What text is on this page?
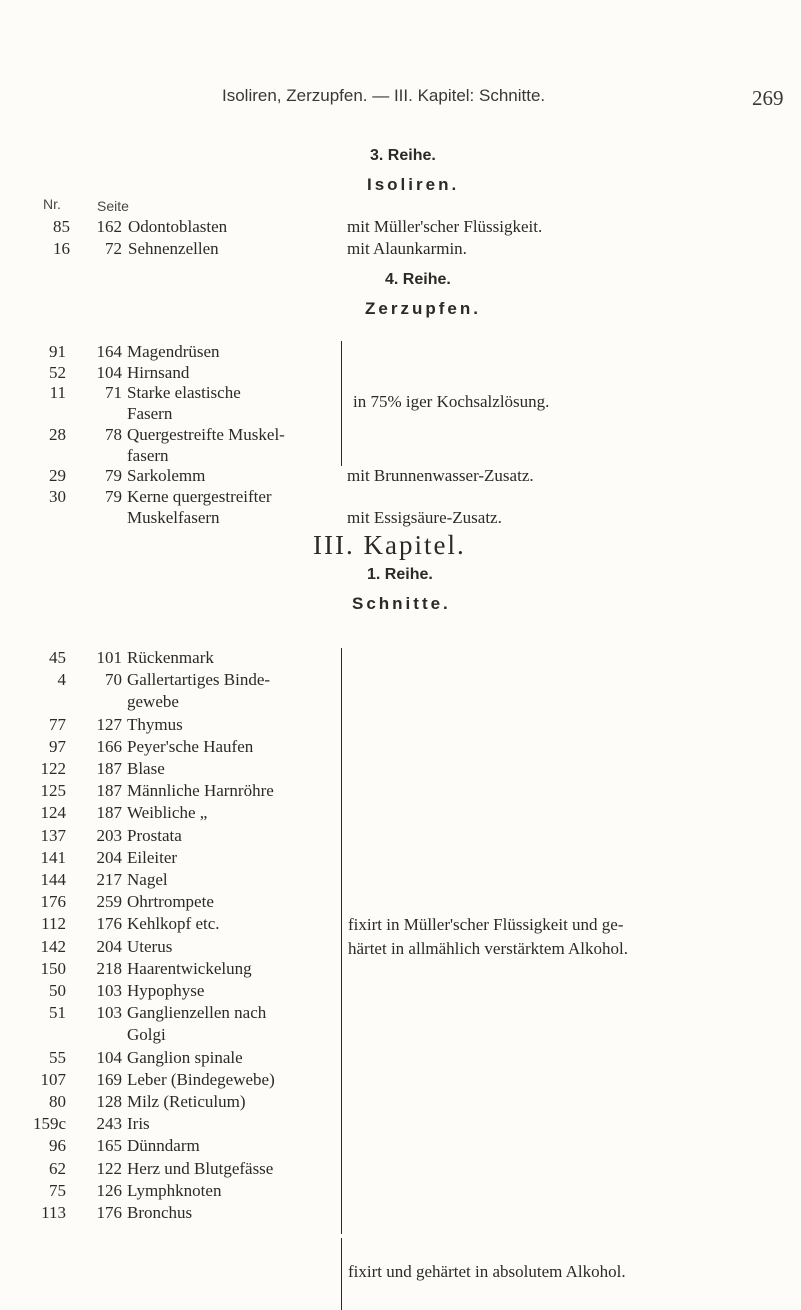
Isoliren, Zerzupfen. — III. Kapitel: Schnitte.	269
3. Reihe.
Isoliren.
Nr.	Seite
85	162 Odontoblasten	mit Müller'scher Flüssigkeit.
16	72 Sehnenzellen	mit Alaunkarmin.
4. Reihe.
Zerzupfen.
91	164 Magendrüsen
52	104 Hirnsand
11	71 Starke elastische
Fasern
28	78 Quergestreifte Muskel-
fasern
29	79 Sarkolemm	mit Brunnenwasser-Zusatz.
30	79 Kerne quergestreifter
Muskelfasern	mit Essigsäure-Zusatz.
in 75% iger Kochsalzlösung.
III. Kapitel.
1. Reihe.
Schnitte.
45	101 Rückenmark
4	70 Gallertartiges Binde-
gewebe
77	127 Thymus
97	166 Peyer'sche Haufen
122	187 Blase
125	187 Männliche Harnröhre
124	187 Weibliche „
137	203 Prostata
141	204 Eileiter
144	217 Nagel
176	259 Ohrtrompete
112	176 Kehlkopf etc.
142	204 Uterus
150	218 Haarentwickelung
50	103 Hypophyse
51	103 Ganglienzellen nach
Golgi
55	104 Ganglion spinale
107	169 Leber (Bindegewebe)
80	128 Milz (Reticulum)
159c	243 Iris
96	165 Dünndarm
62	122 Herz und Blutgefässe
75	126 Lymphknoten
113	176 Bronchus
fixirt in Müller'scher Flüssigkeit und ge-
härtet in allmählich verstärktem Alkohol.
fixirt und gehärtet in absolutem Alkohol.
